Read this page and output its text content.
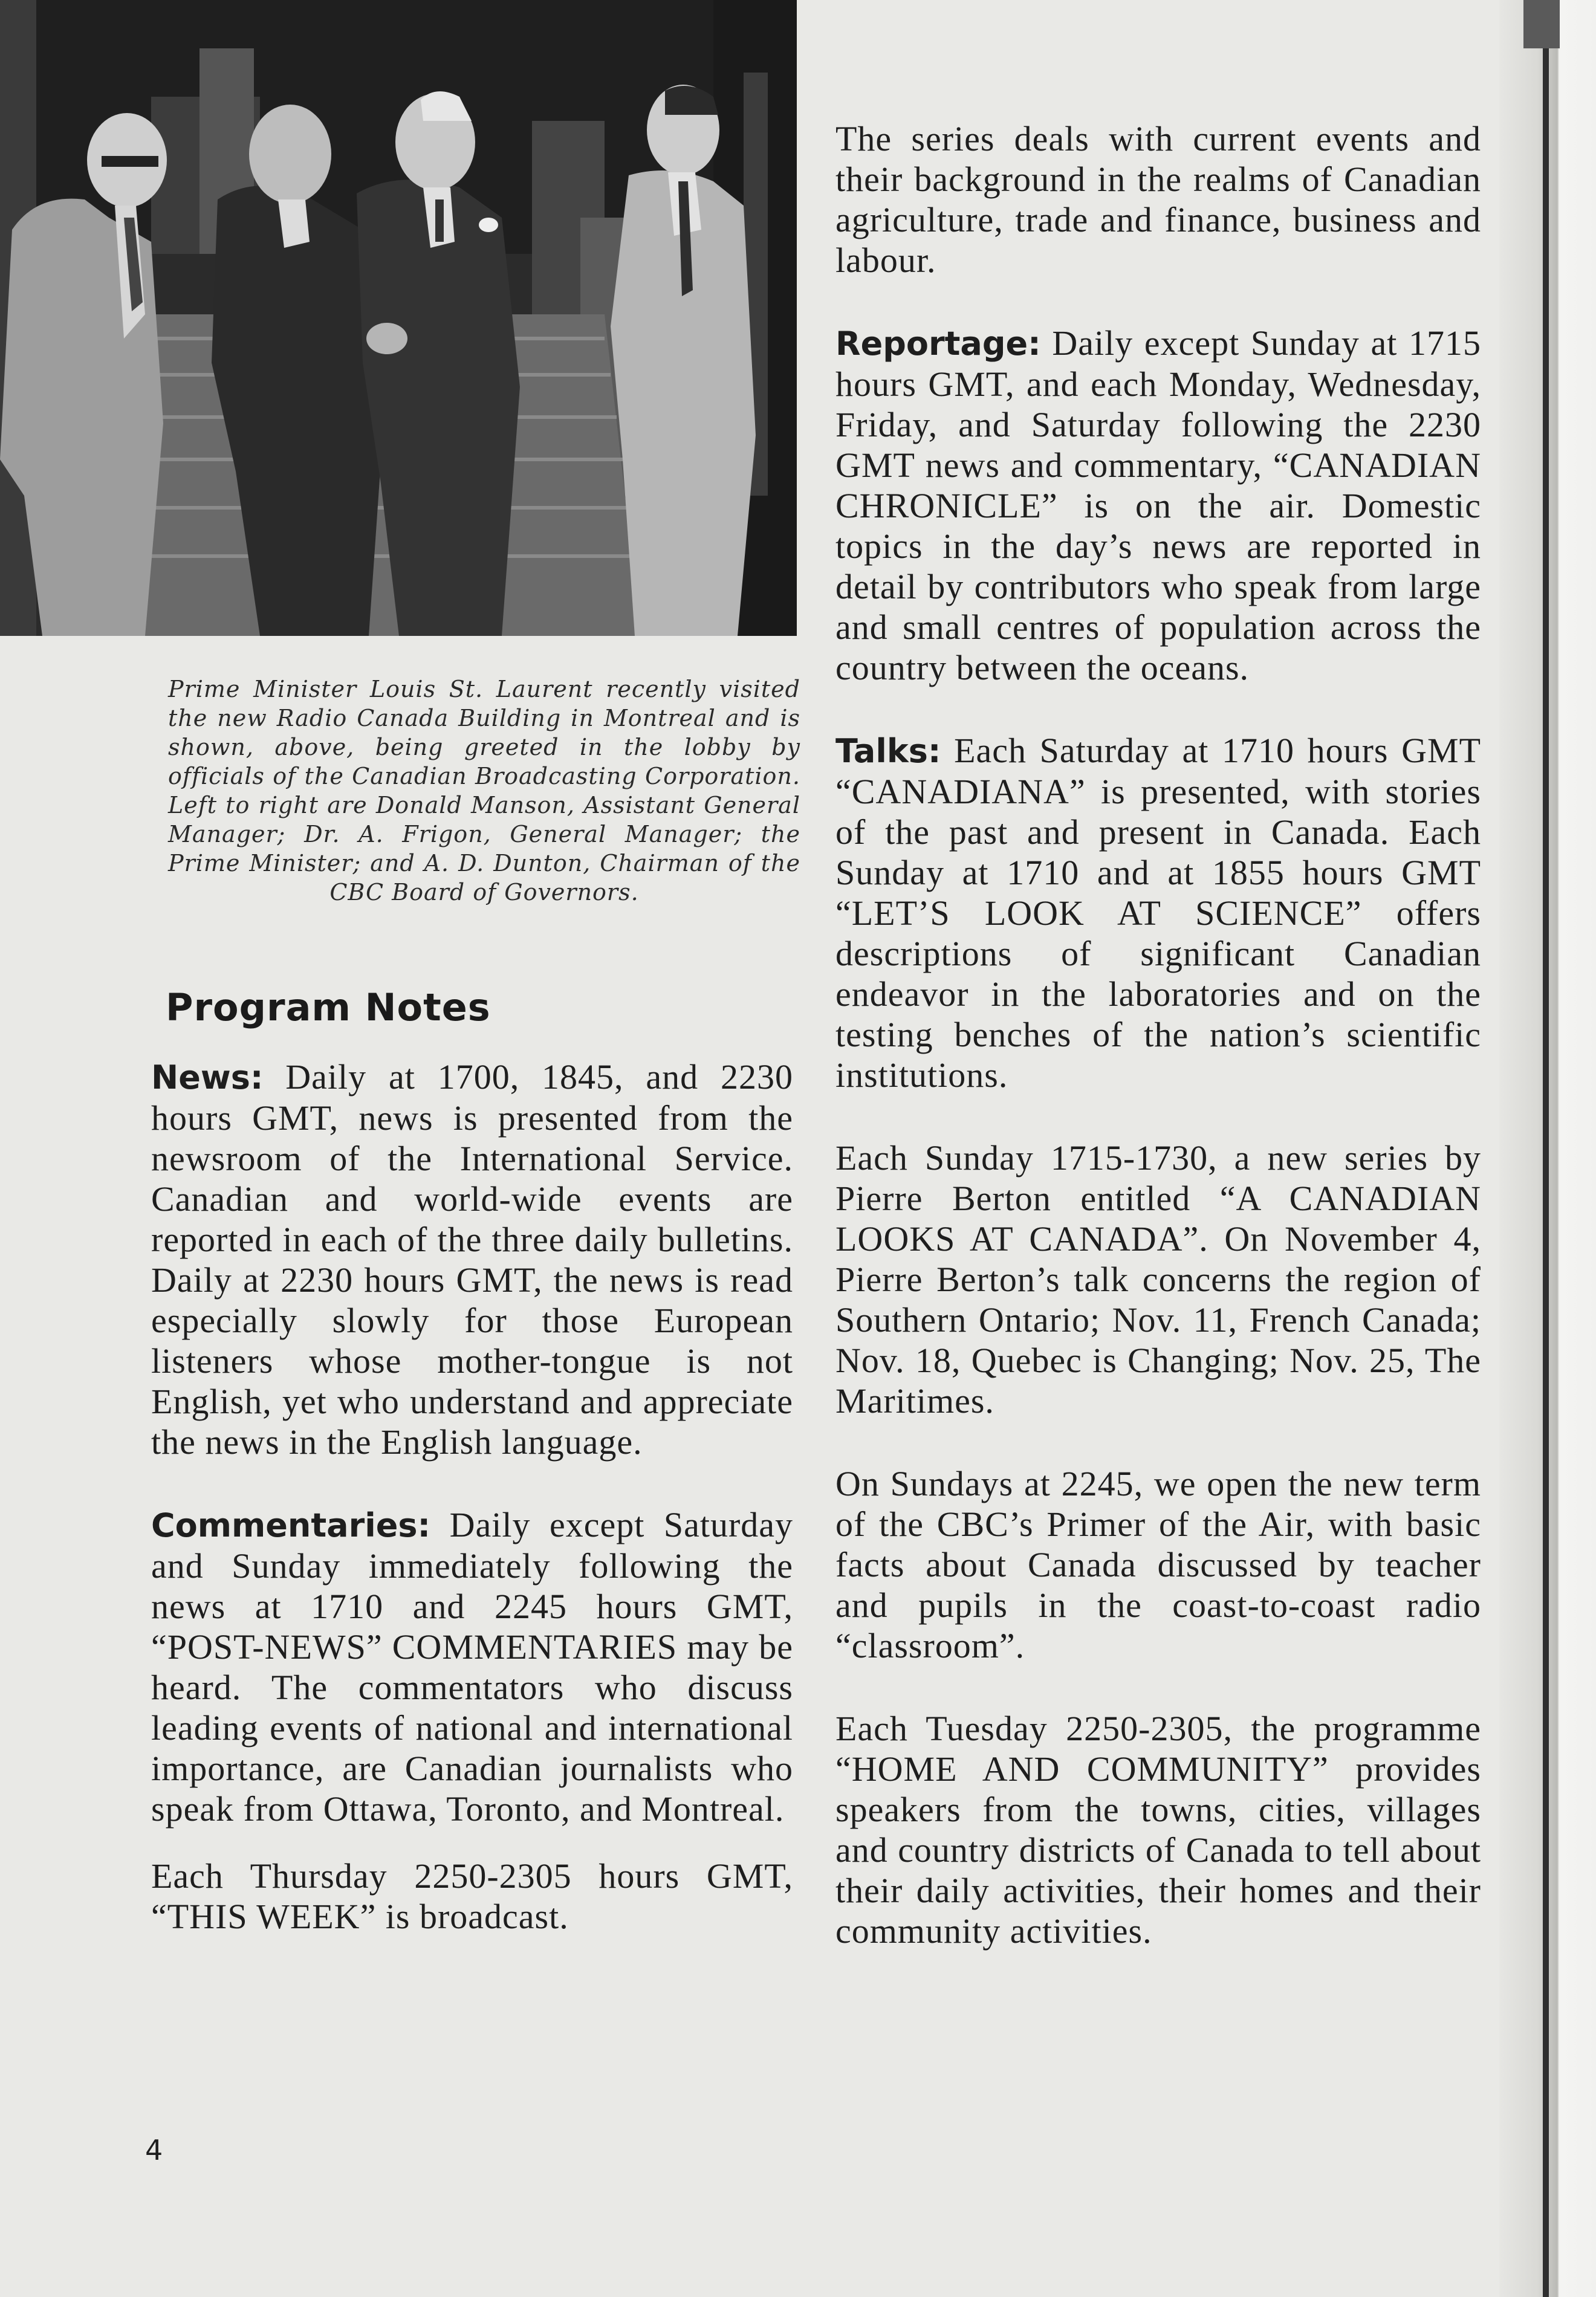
Prime Minister Louis St. Laurent recently visited the new Radio Canada Building in Montreal and is shown, above, being greeted in the lobby by officials of the Canadian Broadcasting Corporation. Left to right are Donald Manson, Assistant General Manager; Dr. A. Frigon, General Manager; the Prime Minister; and A. D. Dunton, Chairman of the CBC Board of Governors.

Program Notes

News: Daily at 1700, 1845, and 2230 hours GMT, news is presented from the newsroom of the International Service. Canadian and world-wide events are reported in each of the three daily bulletins. Daily at 2230 hours GMT, the news is read especially slowly for those European listeners whose mother-tongue is not English, yet who understand and appreciate the news in the English language.

Commentaries: Daily except Saturday and Sunday immediately following the news at 1710 and 2245 hours GMT, “POST-NEWS” COMMENTARIES may be heard. The commentators who discuss leading events of national and international importance, are Canadian journalists who speak from Ottawa, Toronto, and Montreal.

Each Thursday 2250-2305 hours GMT, “THIS WEEK” is broadcast.

The series deals with current events and their background in the realms of Canadian agriculture, trade and finance, business and labour.

Reportage: Daily except Sunday at 1715 hours GMT, and each Monday, Wednesday, Friday, and Saturday following the 2230 GMT news and commentary, “CANADIAN CHRONICLE” is on the air. Domestic topics in the day’s news are reported in detail by contributors who speak from large and small centres of population across the country between the oceans.

Talks: Each Saturday at 1710 hours GMT “CANADIANA” is presented, with stories of the past and present in Canada. Each Sunday at 1710 and at 1855 hours GMT “LET’S LOOK AT SCIENCE” offers descriptions of significant Canadian endeavor in the laboratories and on the testing benches of the nation’s scientific institutions.

Each Sunday 1715-1730, a new series by Pierre Berton entitled “A CANADIAN LOOKS AT CANADA”. On November 4, Pierre Berton’s talk concerns the region of Southern Ontario; Nov. 11, French Canada; Nov. 18, Quebec is Changing; Nov. 25, The Maritimes.

On Sundays at 2245, we open the new term of the CBC’s Primer of the Air, with basic facts about Canada discussed by teacher and pupils in the coast-to-coast radio “classroom”.

Each Tuesday 2250-2305, the programme “HOME AND COMMUNITY” provides speakers from the towns, cities, villages and country districts of Canada to tell about their daily activities, their homes and their community activities.

4
